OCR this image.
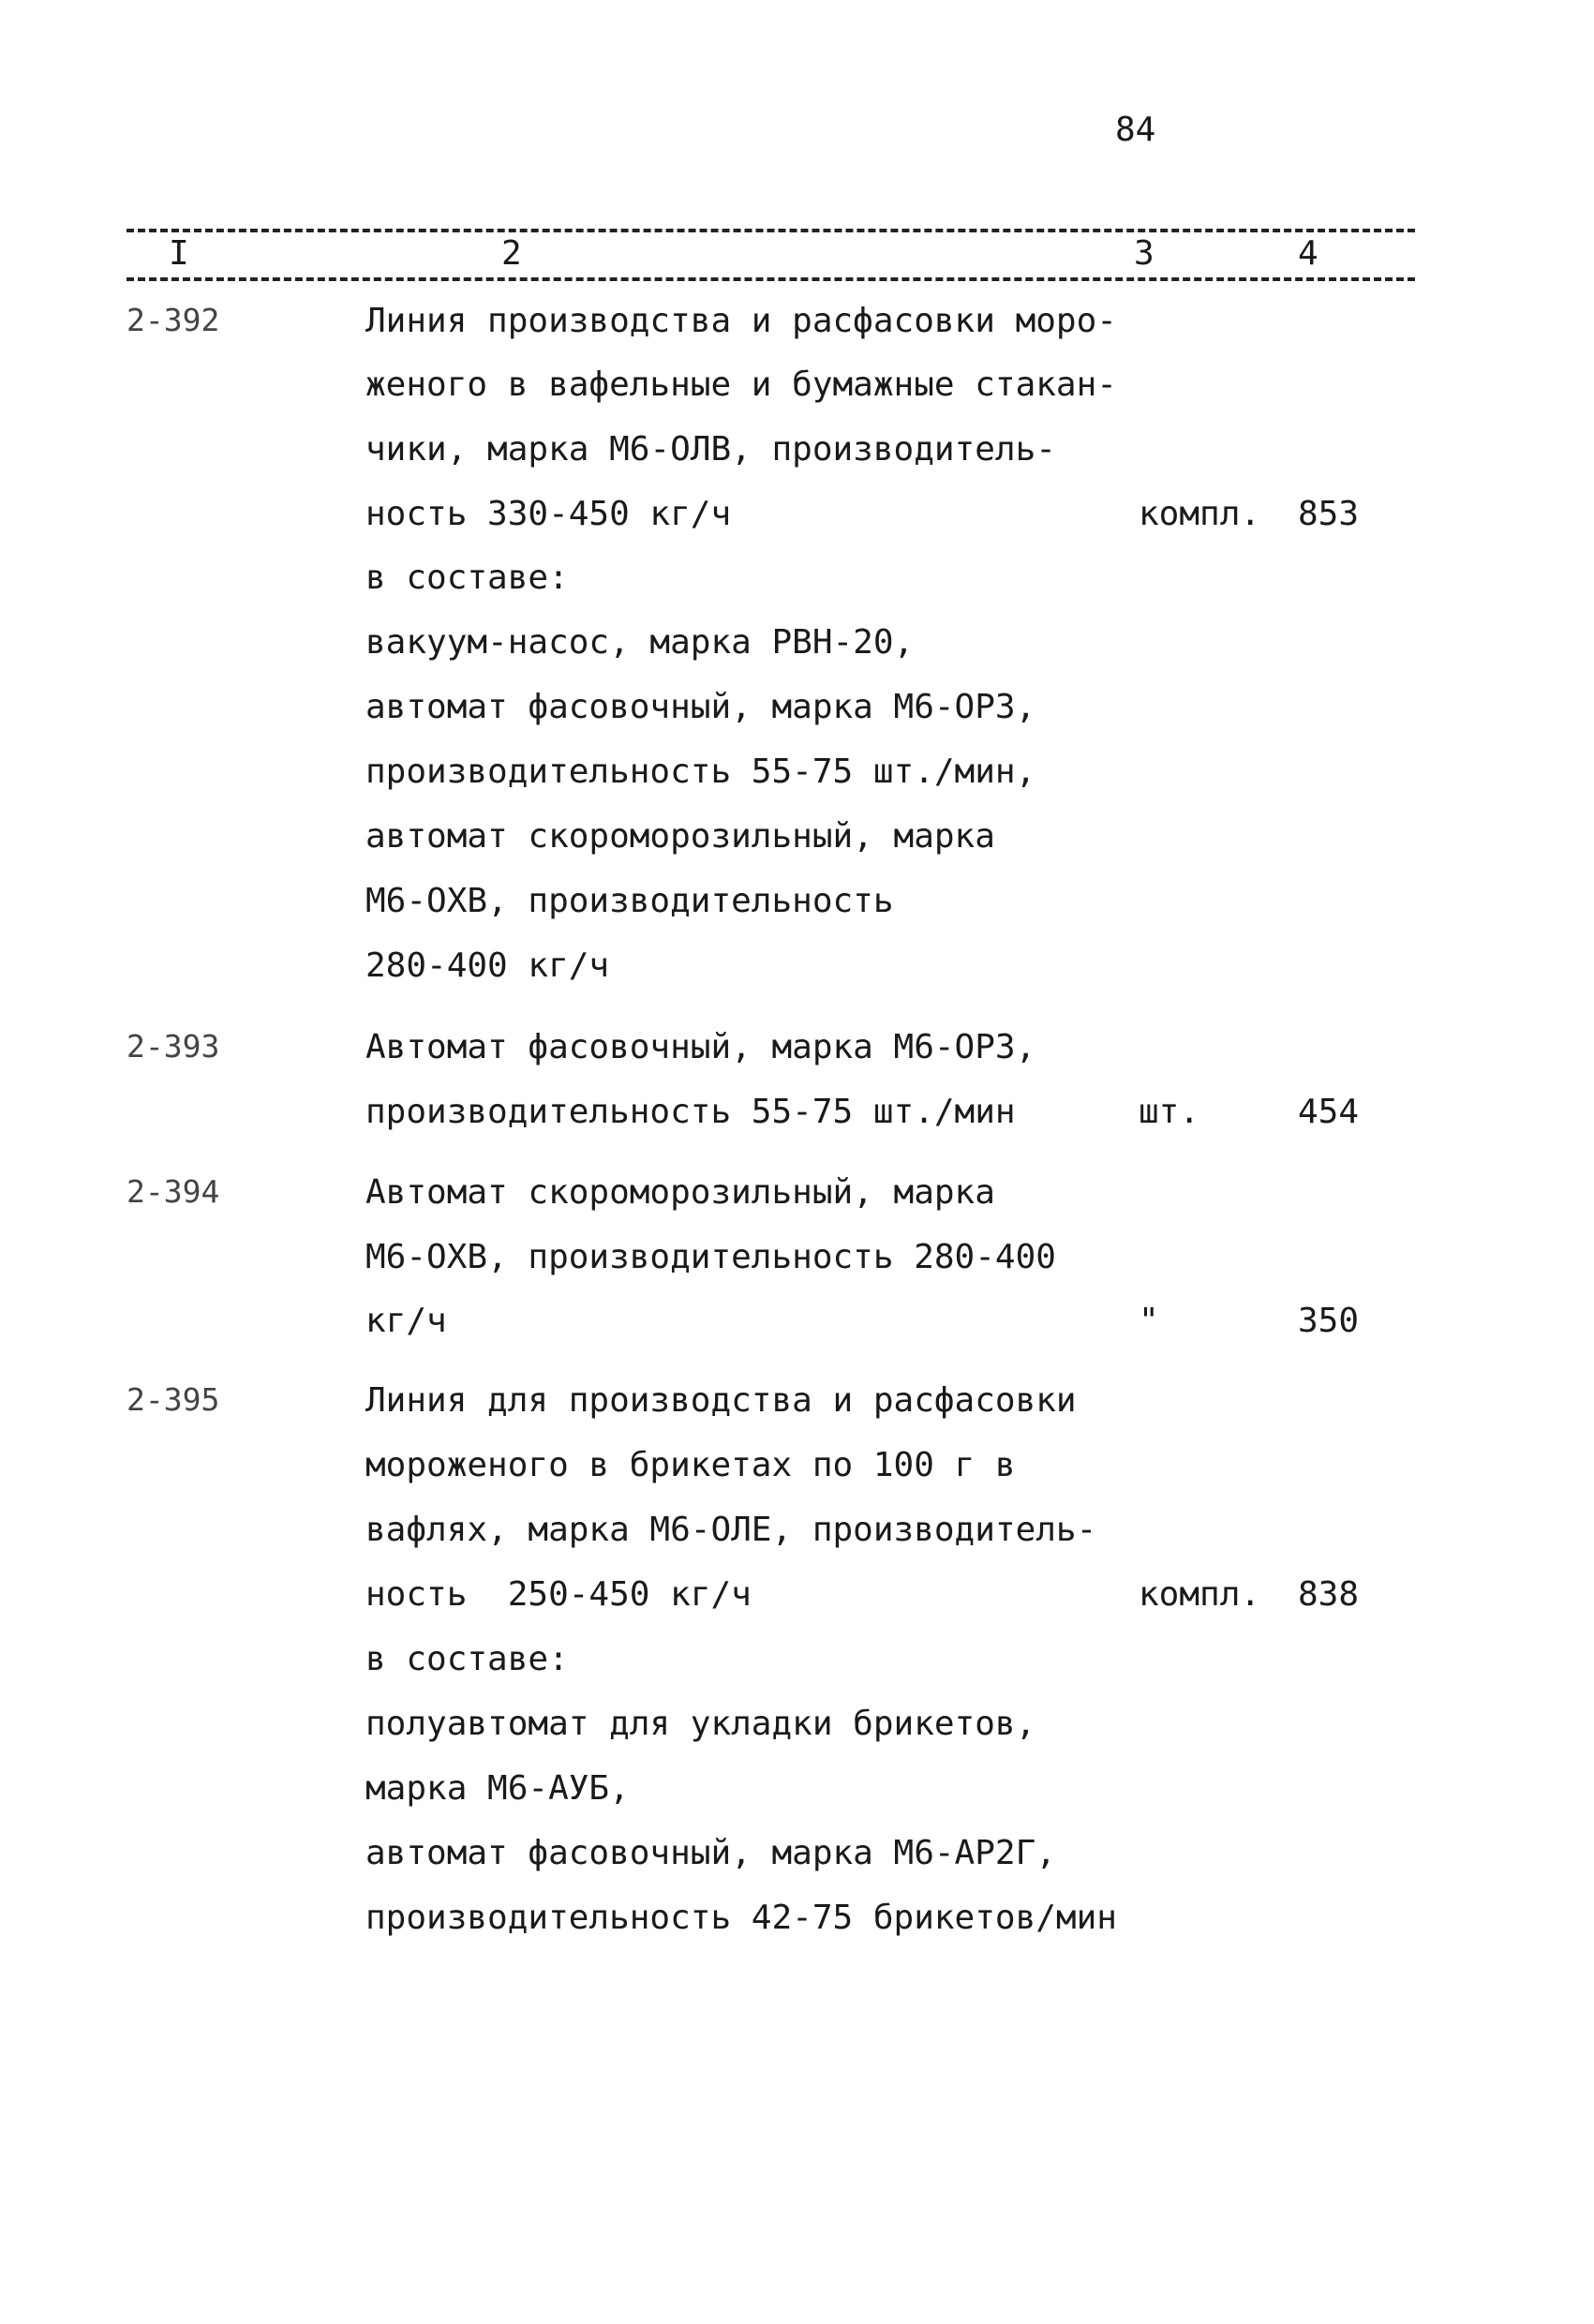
84
I	2	3	4
2-392	Линия производства и расфасовки моро-
женого в вафельные и бумажные стакан-
чики, марка М6-ОЛВ, производитель-
ность 330-450 кг/ч	компл. 853
в составе:
вакуум-насос, марка РВН-20,
автомат фасовочный, марка М6-ОРЗ,
производительность 55-75 шт./мин,
автомат скороморозильный, марка
М6-ОХВ, производительность
280-400 кг/ч
2-393	Автомат фасовочный, марка М6-ОРЗ,
производительность 55-75 шт./мин	шт.	454
2-394	Автомат скороморозильный, марка
М6-ОХВ, производительность 280-400
кг/ч	"	350
2-395	Линия для производства и расфасовки
мороженого в брикетах по 100 г в
вафлях, марка М6-ОЛЕ, производитель-
ность  250-450 кг/ч	компл. 838
в составе:
полуавтомат для укладки брикетов,
марка М6-АУБ,
автомат фасовочный, марка М6-АР2Г,
производительность 42-75 брикетов/мин
